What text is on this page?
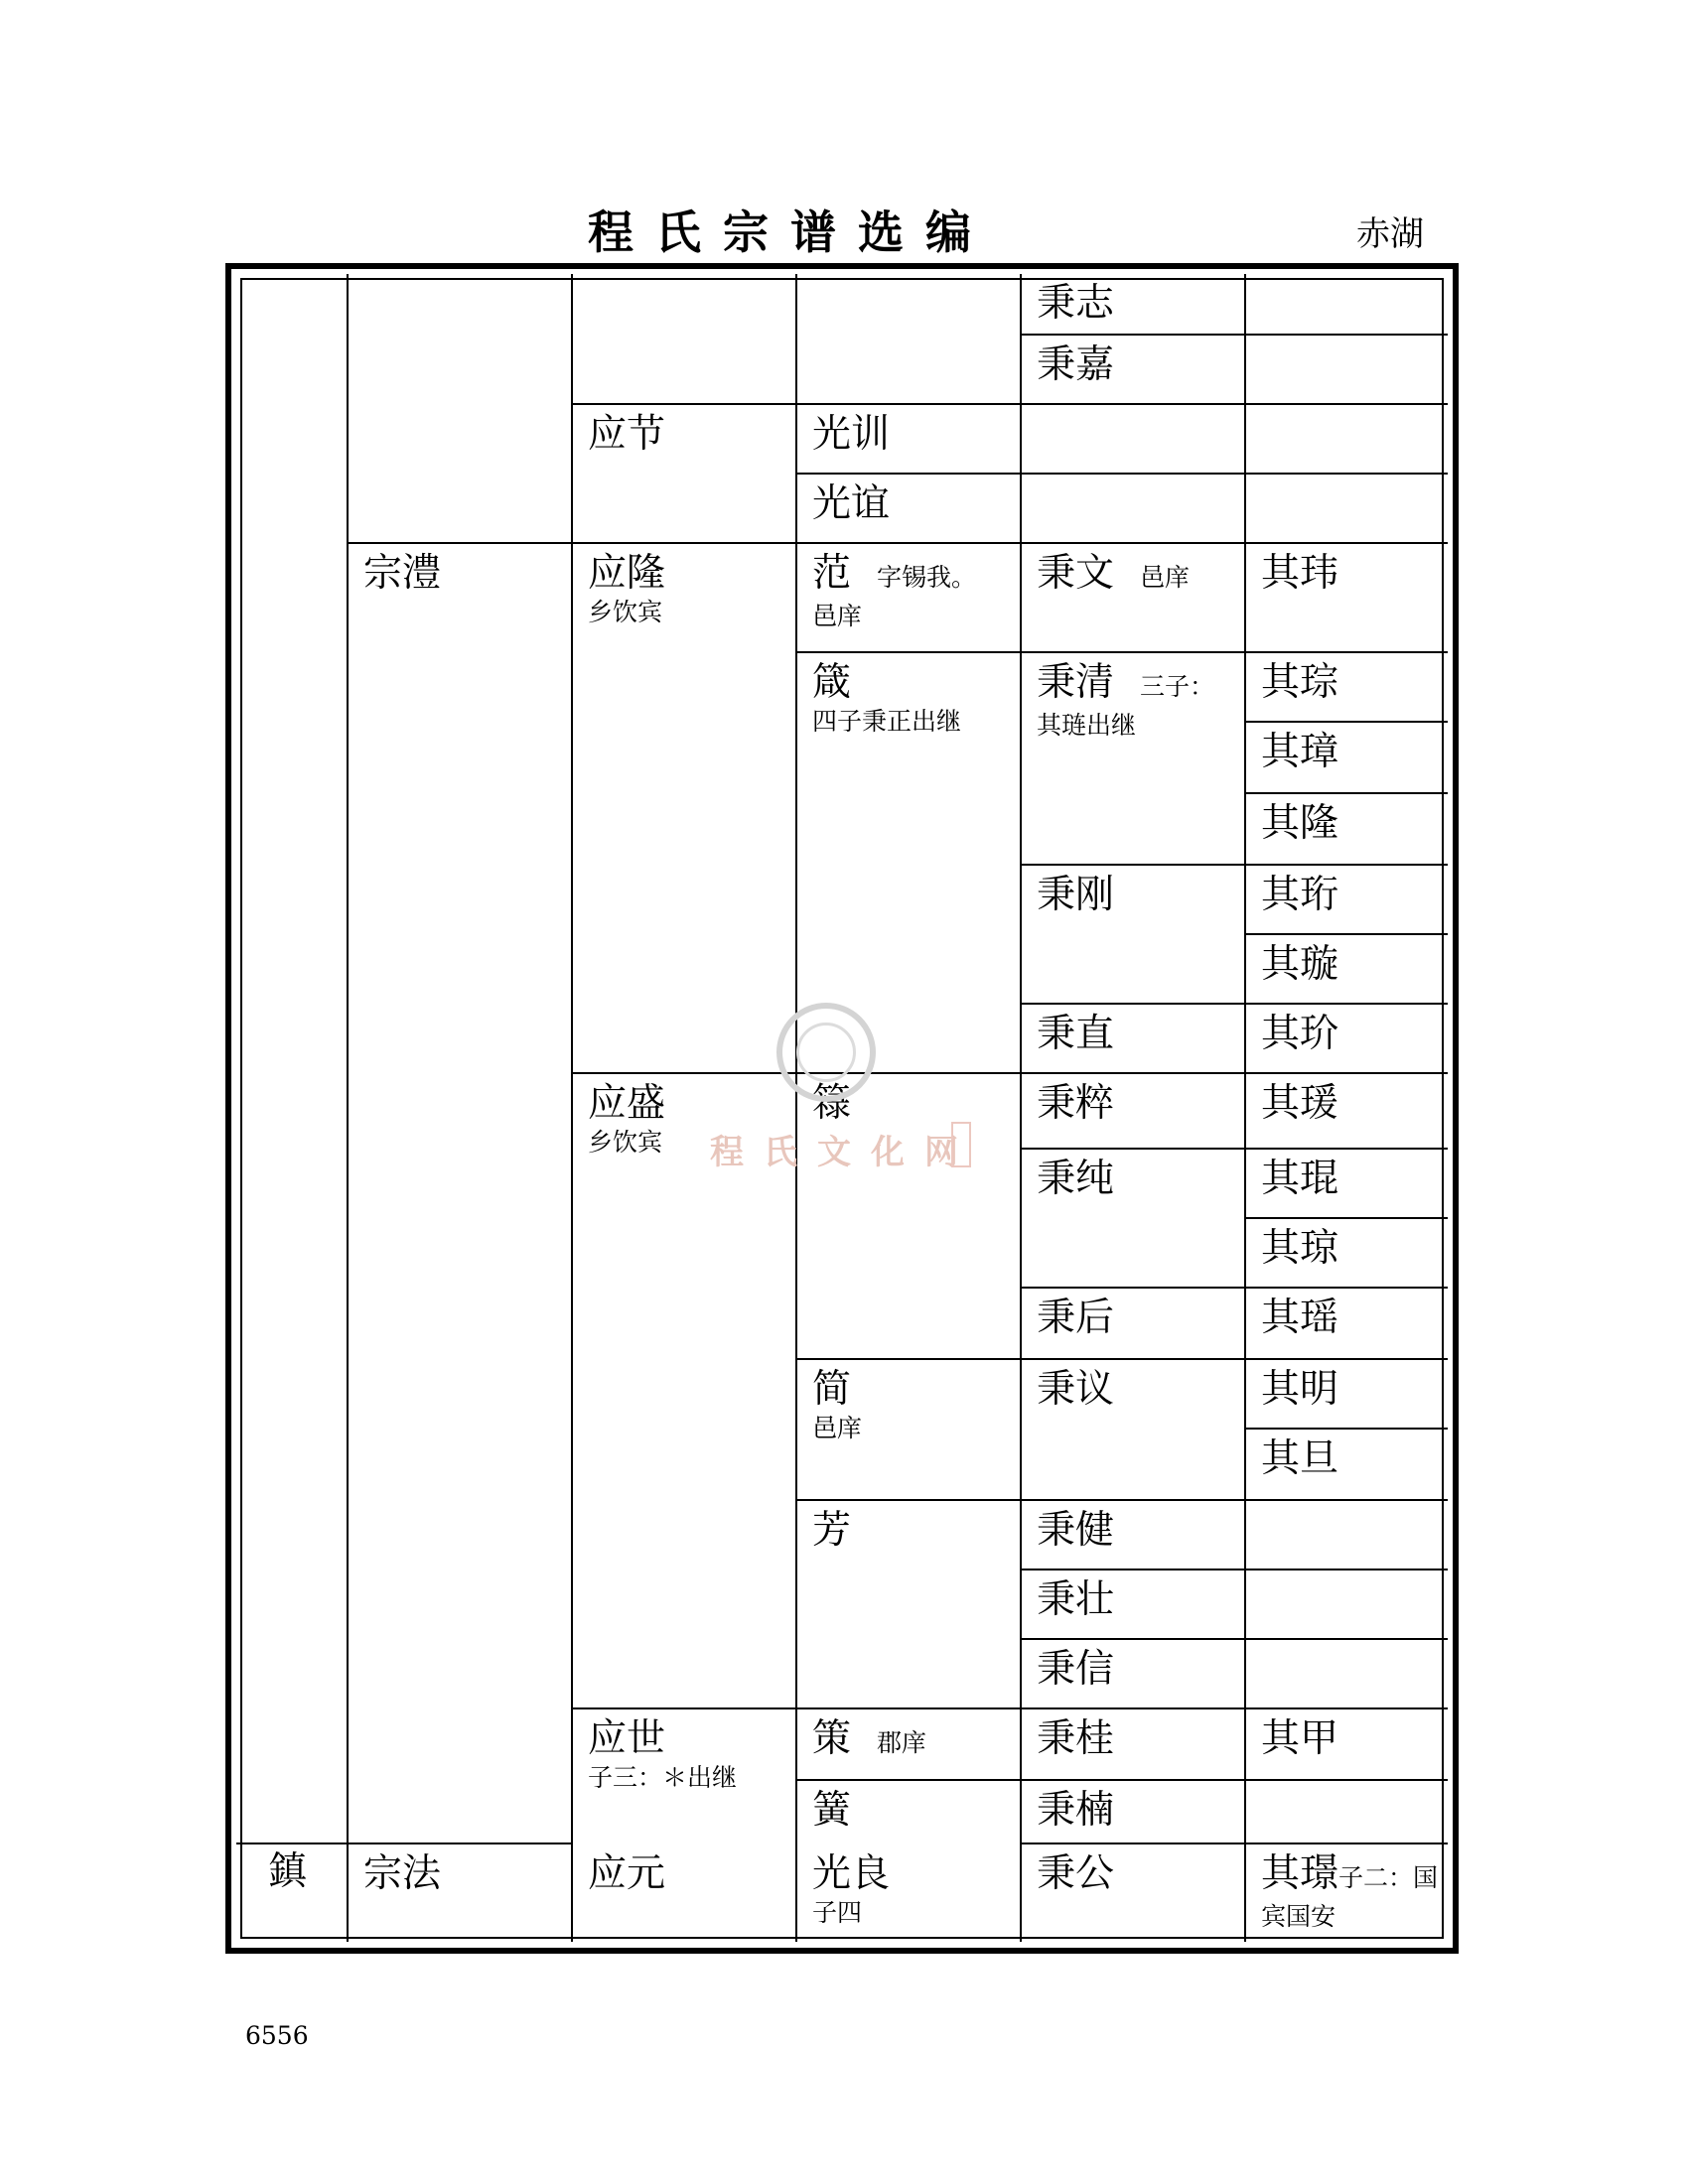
程氏宗谱选编	赤湖
鎮
宗澧
宗法
应节
应隆
乡饮宾
应盛
乡饮宾
应世
子三：＊出继
应元
光训
光谊
范 字锡我。
邑庠
箴
四子秉正出继
簶
简
邑庠
芳
策 郡庠
簧
光良
子四
秉志
秉嘉
秉文 邑庠
秉清 三子：
其琏出继
秉刚
秉直
秉粹
秉纯
秉后
秉议
秉健
秉壮
秉信
秉桂
秉楠
秉公
其玮
其琮
其璋
其隆
其珩
其璇
其玠
其瑗
其琨
其琼
其瑶
其明
其旦
其甲
其璟子二：国
宾国安
程氏文化网
6556
